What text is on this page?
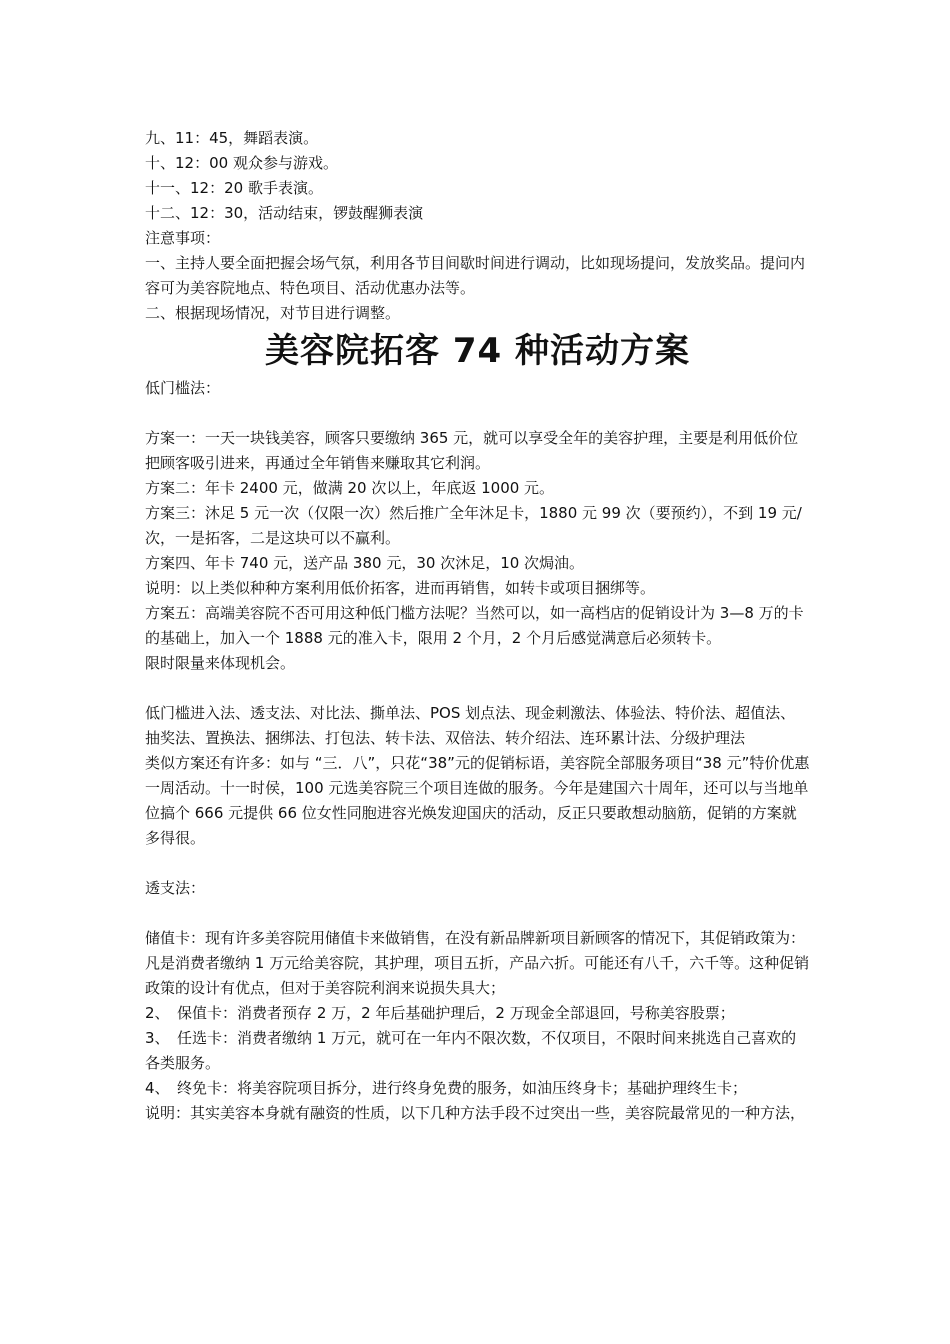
九、11：45，舞蹈表演。

十、12：00 观众参与游戏。

十一、12：20 歌手表演。

十二、12：30，活动结束，锣鼓醒狮表演

注意事项：

一、主持人要全面把握会场气氛，利用各节目间歇时间进行调动，比如现场提问，发放奖品。提问内容可为美容院地点、特色项目、活动优惠办法等。

二、根据现场情况，对节目进行调整。

美容院拓客 74 种活动方案

低门槛法：

方案一：一天一块钱美容，顾客只要缴纳 365 元，就可以享受全年的美容护理，主要是利用低价位把顾客吸引进来，再通过全年销售来赚取其它利润。

方案二：年卡 2400 元，做满 20 次以上，年底返 1000 元。

方案三：沐足 5 元一次（仅限一次）然后推广全年沐足卡，1880 元 99 次（要预约），不到 19 元/次，一是拓客，二是这块可以不赢利。

方案四、年卡 740 元，送产品 380 元，30 次沐足，10 次焗油。

说明：以上类似种种方案利用低价拓客，进而再销售，如转卡或项目捆绑等。

方案五：高端美容院不否可用这种低门槛方法呢？当然可以，如一高档店的促销设计为 3—8 万的卡的基础上，加入一个 1888 元的准入卡，限用 2 个月，2 个月后感觉满意后必须转卡。

限时限量来体现机会。

低门槛进入法、透支法、对比法、撕单法、POS 划点法、现金刺激法、体验法、特价法、超值法、抽奖法、置换法、捆绑法、打包法、转卡法、双倍法、转介绍法、连环累计法、分级护理法

类似方案还有许多：如与 “三．八”，只花“38”元的促销标语，美容院全部服务项目“38 元”特价优惠一周活动。十一时侯，100 元选美容院三个项目连做的服务。今年是建国六十周年，还可以与当地单位搞个 666 元提供 66 位女性同胞进容光焕发迎国庆的活动，反正只要敢想动脑筋，促销的方案就多得很。

透支法：

储值卡：现有许多美容院用储值卡来做销售，在没有新品牌新项目新顾客的情况下，其促销政策为：凡是消费者缴纳 1 万元给美容院，其护理，项目五折，产品六折。可能还有八千，六千等。这种促销政策的设计有优点，但对于美容院利润来说损失具大；

2、　保值卡：消费者预存 2 万，2 年后基础护理后，2 万现金全部退回，号称美容股票；

3、　任选卡：消费者缴纳 1 万元，就可在一年内不限次数，不仅项目，不限时间来挑选自己喜欢的各类服务。

4、　终免卡：将美容院项目拆分，进行终身免费的服务，如油压终身卡；基础护理终生卡；

说明：其实美容本身就有融资的性质，以下几种方法手段不过突出一些，美容院最常见的一种方法，
